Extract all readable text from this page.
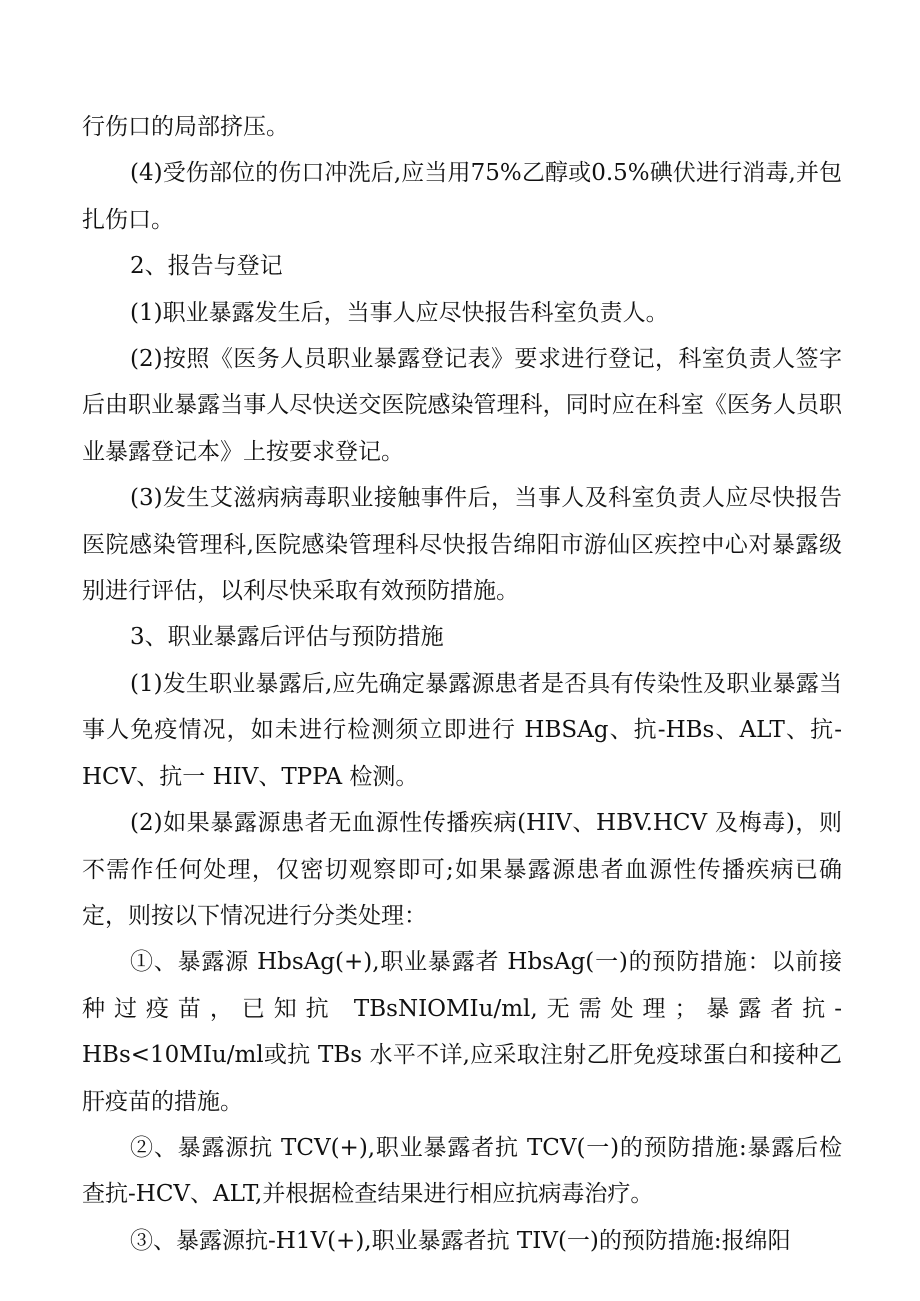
行伤口的局部挤压。

(4)受伤部位的伤口冲洗后,应当用75%乙醇或0.5%碘伏进行消毒,并包扎伤口。

2、报告与登记

(1)职业暴露发生后，当事人应尽快报告科室负责人。

(2)按照《医务人员职业暴露登记表》要求进行登记，科室负责人签字后由职业暴露当事人尽快送交医院感染管理科，同时应在科室《医务人员职业暴露登记本》上按要求登记。

(3)发生艾滋病病毒职业接触事件后，当事人及科室负责人应尽快报告医院感染管理科,医院感染管理科尽快报告绵阳市游仙区疾控中心对暴露级别进行评估，以利尽快采取有效预防措施。

3、职业暴露后评估与预防措施

(1)发生职业暴露后,应先确定暴露源患者是否具有传染性及职业暴露当事人免疫情况，如未进行检测须立即进行 HBSAg、抗-HBs、ALT、抗-HCV、抗一 HIV、TPPA 检测。

(2)如果暴露源患者无血源性传播疾病(HIV、HBV.HCV 及梅毒)，则不需作任何处理，仅密切观察即可;如果暴露源患者血源性传播疾病已确定，则按以下情况进行分类处理：

①、暴露源 HbsAg(+),职业暴露者 HbsAg(一)的预防措施：以前接种过疫苗，已知抗 TBsNIOMIu/ml,无需处理；暴露者抗-HBs<10MIu/ml或抗 TBs 水平不详,应采取注射乙肝免疫球蛋白和接种乙肝疫苗的措施。

②、暴露源抗 TCV(+),职业暴露者抗 TCV(一)的预防措施:暴露后检查抗-HCV、ALT,并根据检查结果进行相应抗病毒治疗。

③、暴露源抗-H1V(+),职业暴露者抗 TIV(一)的预防措施:报绵阳
